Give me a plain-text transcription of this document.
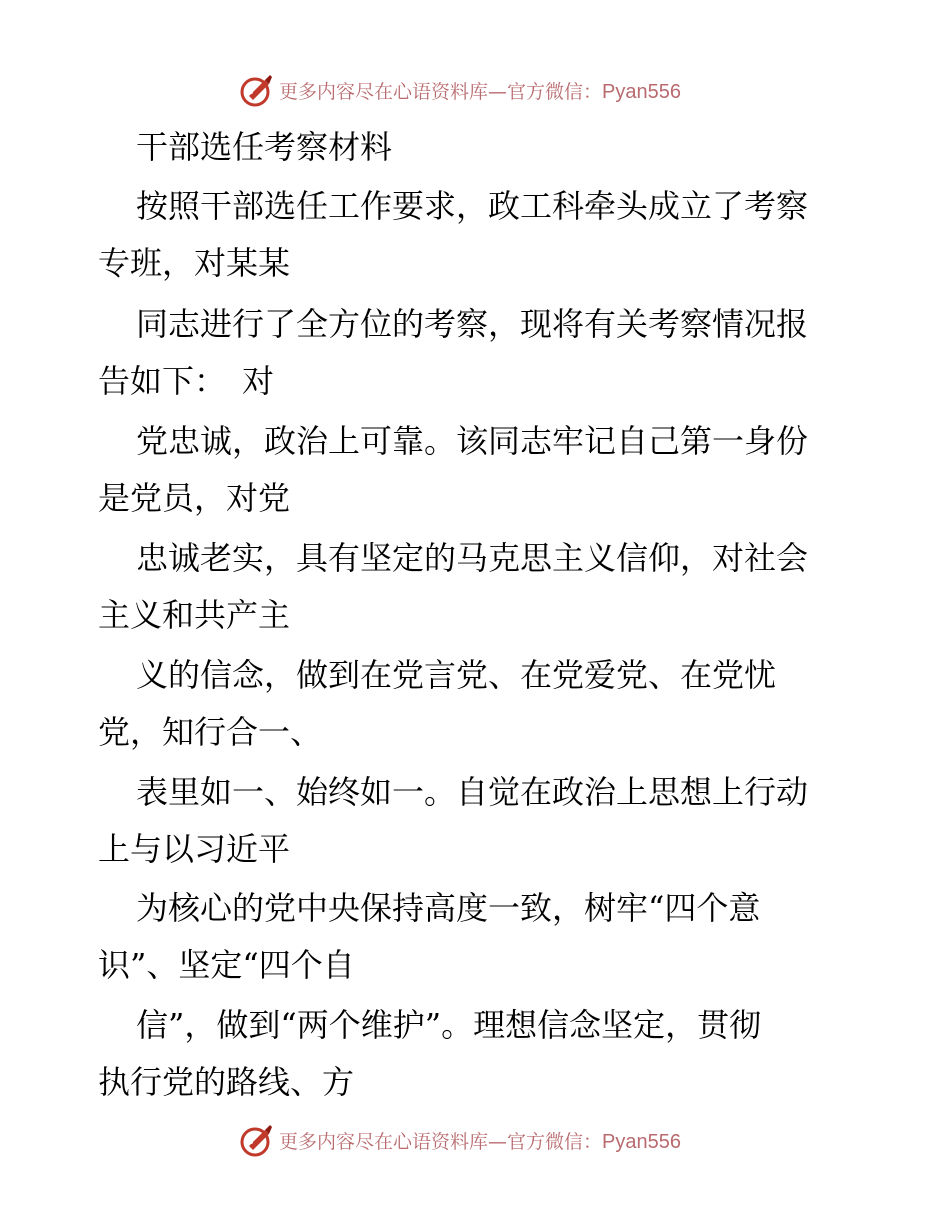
更多内容尽在心语资料库—官方微信：Pyan556
干部选任考察材料
按照干部选任工作要求，政工科牵头成立了考察
专班，对某某
同志进行了全方位的考察，现将有关考察情况报
告如下：　对
党忠诚，政治上可靠。该同志牢记自己第一身份
是党员，对党
忠诚老实，具有坚定的马克思主义信仰，对社会
主义和共产主
义的信念，做到在党言党、在党爱党、在党忧
党，知行合一、
表里如一、始终如一。自觉在政治上思想上行动
上与以习近平
为核心的党中央保持高度一致，树牢“四个意
识”、坚定“四个自
信”，做到“两个维护”。理想信念坚定，贯彻
执行党的路线、方
更多内容尽在心语资料库—官方微信：Pyan556
